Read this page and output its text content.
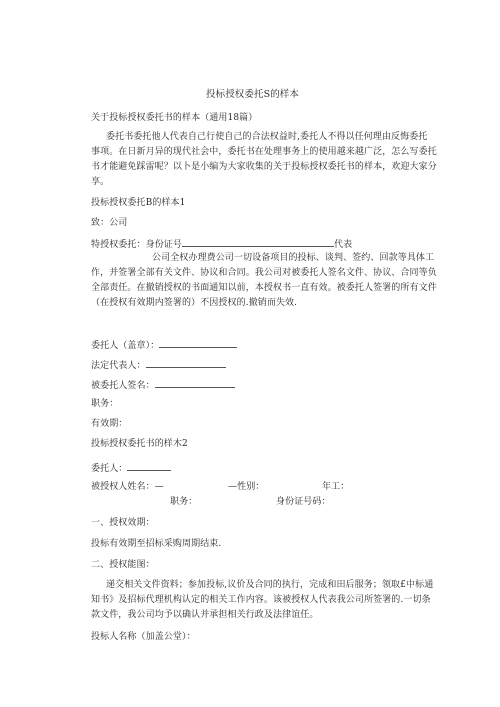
投标授权委托S的样本
关于投标授权委托书的样本（通用18篇）
委托书委托他人代表自己行使自己的合法权益时,委托人不得以任何理由反悔委托
事项。在日新月异的现代社会中，委托书在处理事务上的使用越来越广泛，怎么写委托
书才能避免踩雷呢？以卜是小编为大家收集的关于投标授权委托书的样本，欢迎大家分
享。
投标授权委托B的样本1
致：公司
特授权委托：身份证号	代表
公司全权办理费公司一切设备项目的投标、谈判、签约、回款等具体工
作，并签署全部有关文件、协议和合同。我公司对被委托人签名文件、协议、合同等负
全部责任。在撤销授权的书面通知以前，本授权书一直有效。被委托人签署的所有文件
（在授权有效期内签署的）不因授权的.撤销而失效.
委托人（盖章）：
法定代表人：
被委托人签名：
职务：
有效期：
投标授权委托书的样木2
委托人：
被授权人姓名：—	—性别：	年工：
职务：	身份证号码：
一、授权效期：
投标有效期至招标采购周期结束.
二、授权能图：
递交相关文件资料；参加投标,议价及合同的执行，完成和田后服务；领取£中标通
知书》及招标代理机构认定的相关工作内容。该被授权人代表我公司所签署的.一切条
款文件，我公司均予以确认并承担相关行政及法律谊任。
投标人名称（加盖公堂）：
